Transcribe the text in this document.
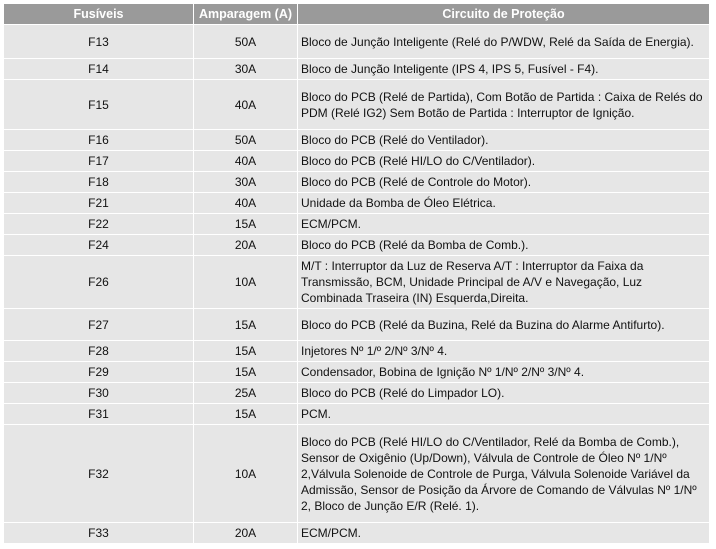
Fusíveis	Amparagem (A)	Circuito de Proteção
F13	50A	Bloco de Junção Inteligente (Relé do P/WDW, Relé da Saída de Energia).
F14	30A	Bloco de Junção Inteligente (IPS 4, IPS 5, Fusível - F4).
F15	40A	Bloco do PCB (Relé de Partida), Com Botão de Partida : Caixa de Relés do PDM (Relé IG2) Sem Botão de Partida : Interruptor de Ignição.
F16	50A	Bloco do PCB (Relé do Ventilador).
F17	40A	Bloco do PCB (Relé HI/LO do C/Ventilador).
F18	30A	Bloco do PCB (Relé de Controle do Motor).
F21	40A	Unidade da Bomba de Óleo Elétrica.
F22	15A	ECM/PCM.
F24	20A	Bloco do PCB (Relé da Bomba de Comb.).
F26	10A	M/T : Interruptor da Luz de Reserva A/T : Interruptor da Faixa da Transmissão, BCM, Unidade Principal de A/V e Navegação, Luz Combinada Traseira (IN) Esquerda,Direita.
F27	15A	Bloco do PCB (Relé da Buzina, Relé da Buzina do Alarme Antifurto).
F28	15A	Injetores Nº 1/º 2/Nº 3/Nº 4.
F29	15A	Condensador, Bobina de Ignição Nº 1/Nº 2/Nº 3/Nº 4.
F30	25A	Bloco do PCB (Relé do Limpador LO).
F31	15A	PCM.
F32	10A	Bloco do PCB (Relé HI/LO do C/Ventilador, Relé da Bomba de Comb.), Sensor de Oxigênio (Up/Down), Válvula de Controle de Óleo Nº 1/Nº 2,Válvula Solenoide de Controle de Purga, Válvula Solenoide Variável da Admissão, Sensor de Posição da Árvore de Comando de Válvulas Nº 1/Nº 2, Bloco de Junção E/R (Relé. 1).
F33	20A	ECM/PCM.
